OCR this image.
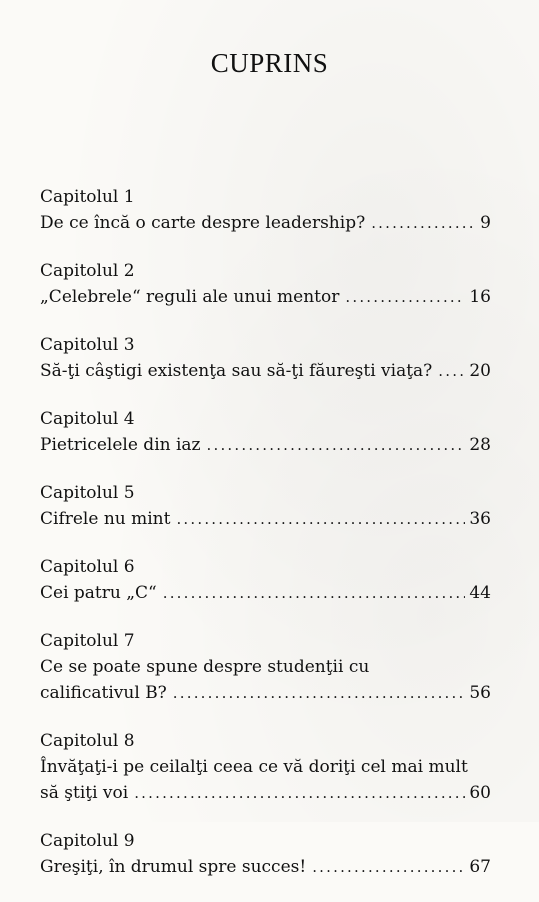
CUPRINS
Capitolul 1
De ce încă o carte despre leadership? .....	9
Capitolul 2
„Celebrele“ reguli ale unui mentor .....	16
Capitolul 3
Să-ţi câştigi existenţa sau să-ţi făureşti viaţa? ..... 20
Capitolul 4
Pietricelele din iaz .....	28
Capitolul 5
Cifrele nu mint .....	36
Capitolul 6
Cei patru „C“ .....	44
Capitolul 7
Ce se poate spune despre studenţii cu
calificativul B? .....	56
Capitolul 8
Învăţaţi-i pe ceilalţi ceea ce vă doriţi cel mai mult
să ştiţi voi .....	60
Capitolul 9
Greşiţi, în drumul spre succes! .....	67
